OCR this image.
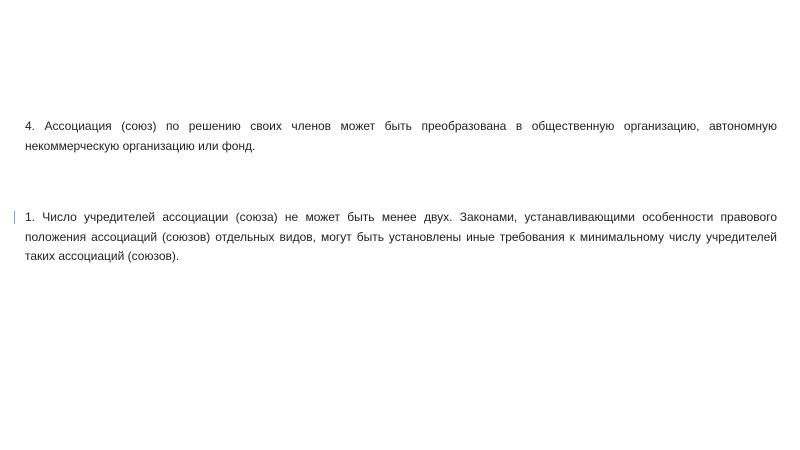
4. Ассоциация (союз) по решению своих членов может быть преобразована в общественную организацию, автономную некоммерческую организацию или фонд.

1. Число учредителей ассоциации (союза) не может быть менее двух. Законами, устанавливающими особенности правового положения ассоциаций (союзов) отдельных видов, могут быть установлены иные требования к минимальному числу учредителей таких ассоциаций (союзов).
